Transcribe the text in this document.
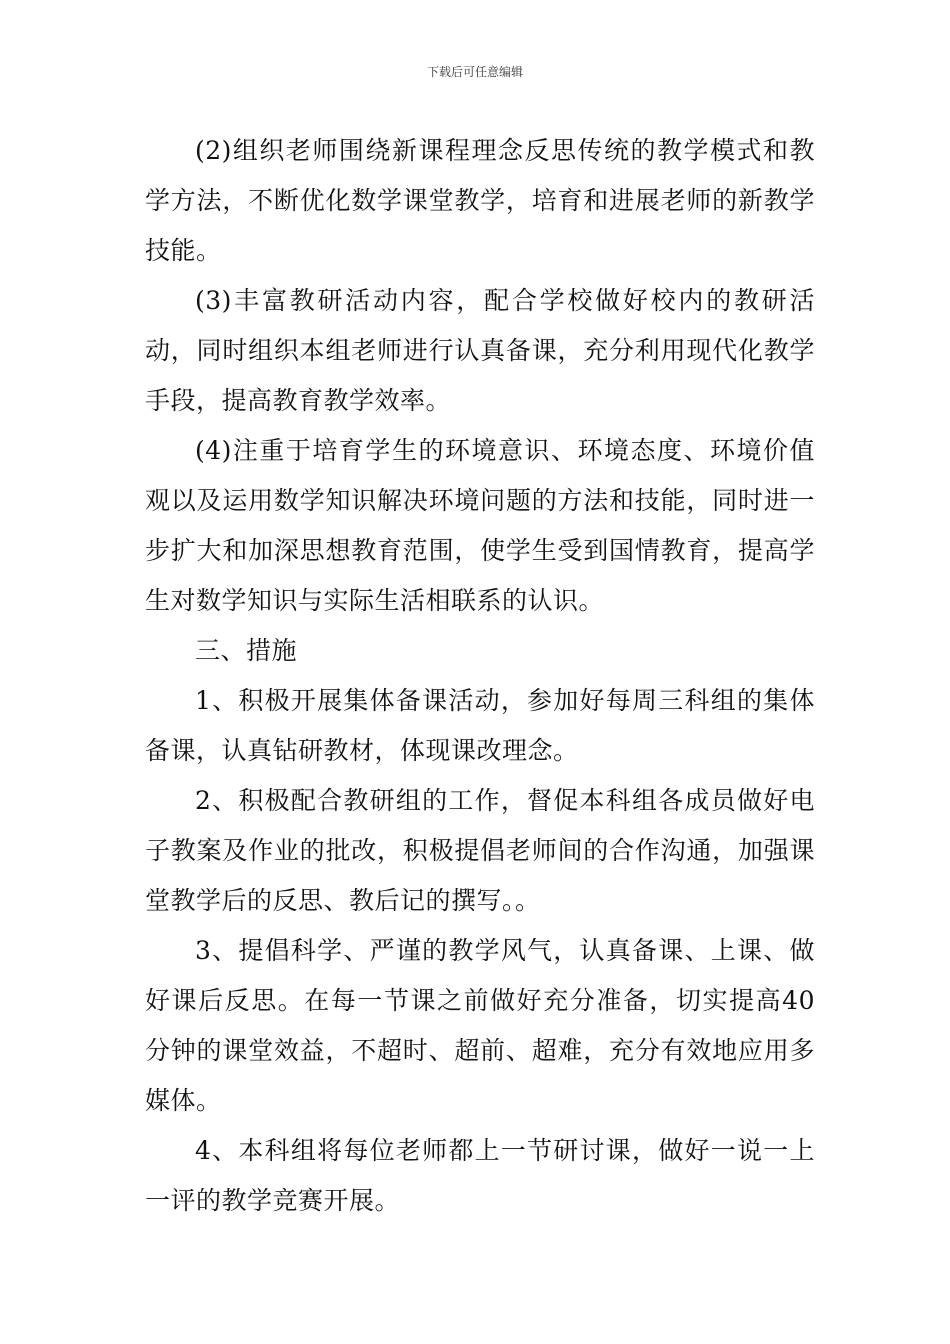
下载后可任意编辑

(2)组织老师围绕新课程理念反思传统的教学模式和教学方法，不断优化数学课堂教学，培育和进展老师的新教学技能。

(3)丰富教研活动内容，配合学校做好校内的教研活动，同时组织本组老师进行认真备课，充分利用现代化教学手段，提高教育教学效率。

(4)注重于培育学生的环境意识、环境态度、环境价值观以及运用数学知识解决环境问题的方法和技能，同时进一步扩大和加深思想教育范围，使学生受到国情教育，提高学生对数学知识与实际生活相联系的认识。

三、措施

1、积极开展集体备课活动，参加好每周三科组的集体备课，认真钻研教材，体现课改理念。

2、积极配合教研组的工作，督促本科组各成员做好电子教案及作业的批改，积极提倡老师间的合作沟通，加强课堂教学后的反思、教后记的撰写。。

3、提倡科学、严谨的教学风气，认真备课、上课、做好课后反思。在每一节课之前做好充分准备，切实提高40分钟的课堂效益，不超时、超前、超难，充分有效地应用多媒体。

4、本科组将每位老师都上一节研讨课，做好一说一上一评的教学竞赛开展。
